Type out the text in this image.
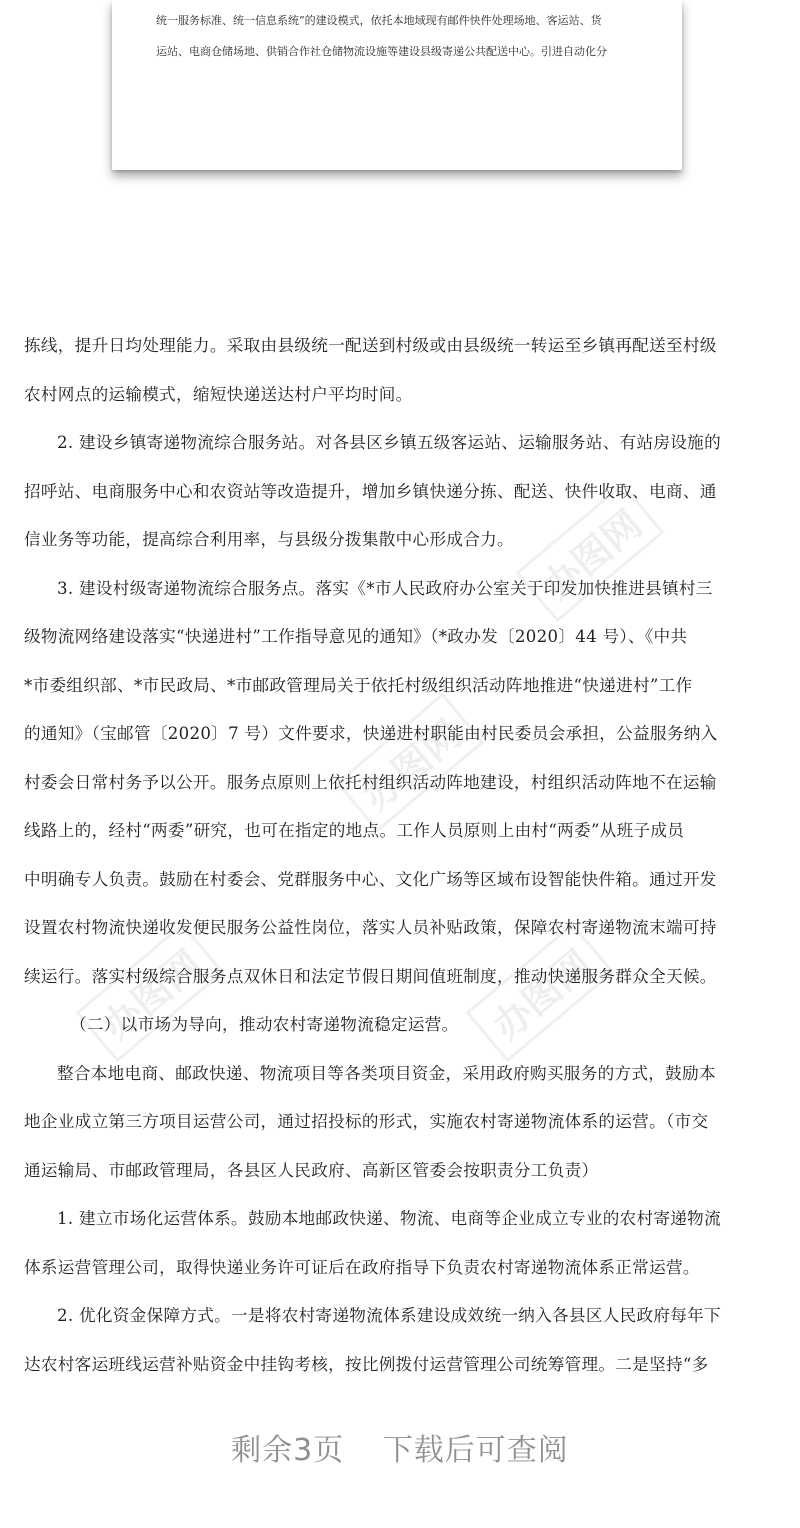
统一服务标准、统一信息系统”的建设模式，依托本地域现有邮件快件处理场地、客运站、货
运站、电商仓储场地、供销合作社仓储物流设施等建设县级寄递公共配送中心。引进自动化分
办图网
办图网
办图网	办图网
拣线，提升日均处理能力。采取由县级统一配送到村级或由县级统一转运至乡镇再配送至村级
农村网点的运输模式，缩短快递送达村户平均时间。
2. 建设乡镇寄递物流综合服务站。对各县区乡镇五级客运站、运输服务站、有站房设施的
招呼站、电商服务中心和农资站等改造提升，增加乡镇快递分拣、配送、快件收取、电商、通
信业务等功能，提高综合利用率，与县级分拨集散中心形成合力。
3. 建设村级寄递物流综合服务点。落实《*市人民政府办公室关于印发加快推进县镇村三
级物流网络建设落实“快递进村”工作指导意见的通知》（*政办发〔2020〕44 号）、《中共
*市委组织部、*市民政局、*市邮政管理局关于依托村级组织活动阵地推进“快递进村”工作
的通知》（宝邮管〔2020〕7 号）文件要求，快递进村职能由村民委员会承担，公益服务纳入
村委会日常村务予以公开。服务点原则上依托村组织活动阵地建设，村组织活动阵地不在运输
线路上的，经村“两委”研究，也可在指定的地点。工作人员原则上由村“两委”从班子成员
中明确专人负责。鼓励在村委会、党群服务中心、文化广场等区域布设智能快件箱。通过开发
设置农村物流快递收发便民服务公益性岗位，落实人员补贴政策，保障农村寄递物流末端可持
续运行。落实村级综合服务点双休日和法定节假日期间值班制度，推动快递服务群众全天候。
（二）以市场为导向，推动农村寄递物流稳定运营。
整合本地电商、邮政快递、物流项目等各类项目资金，采用政府购买服务的方式，鼓励本
地企业成立第三方项目运营公司，通过招投标的形式，实施农村寄递物流体系的运营。（市交
通运输局、市邮政管理局，各县区人民政府、高新区管委会按职责分工负责）
1. 建立市场化运营体系。鼓励本地邮政快递、物流、电商等企业成立专业的农村寄递物流
体系运营管理公司，取得快递业务许可证后在政府指导下负责农村寄递物流体系正常运营。
2. 优化资金保障方式。一是将农村寄递物流体系建设成效统一纳入各县区人民政府每年下
达农村客运班线运营补贴资金中挂钩考核，按比例拨付运营管理公司统筹管理。二是坚持“多
剩余3页 下载后可查阅
